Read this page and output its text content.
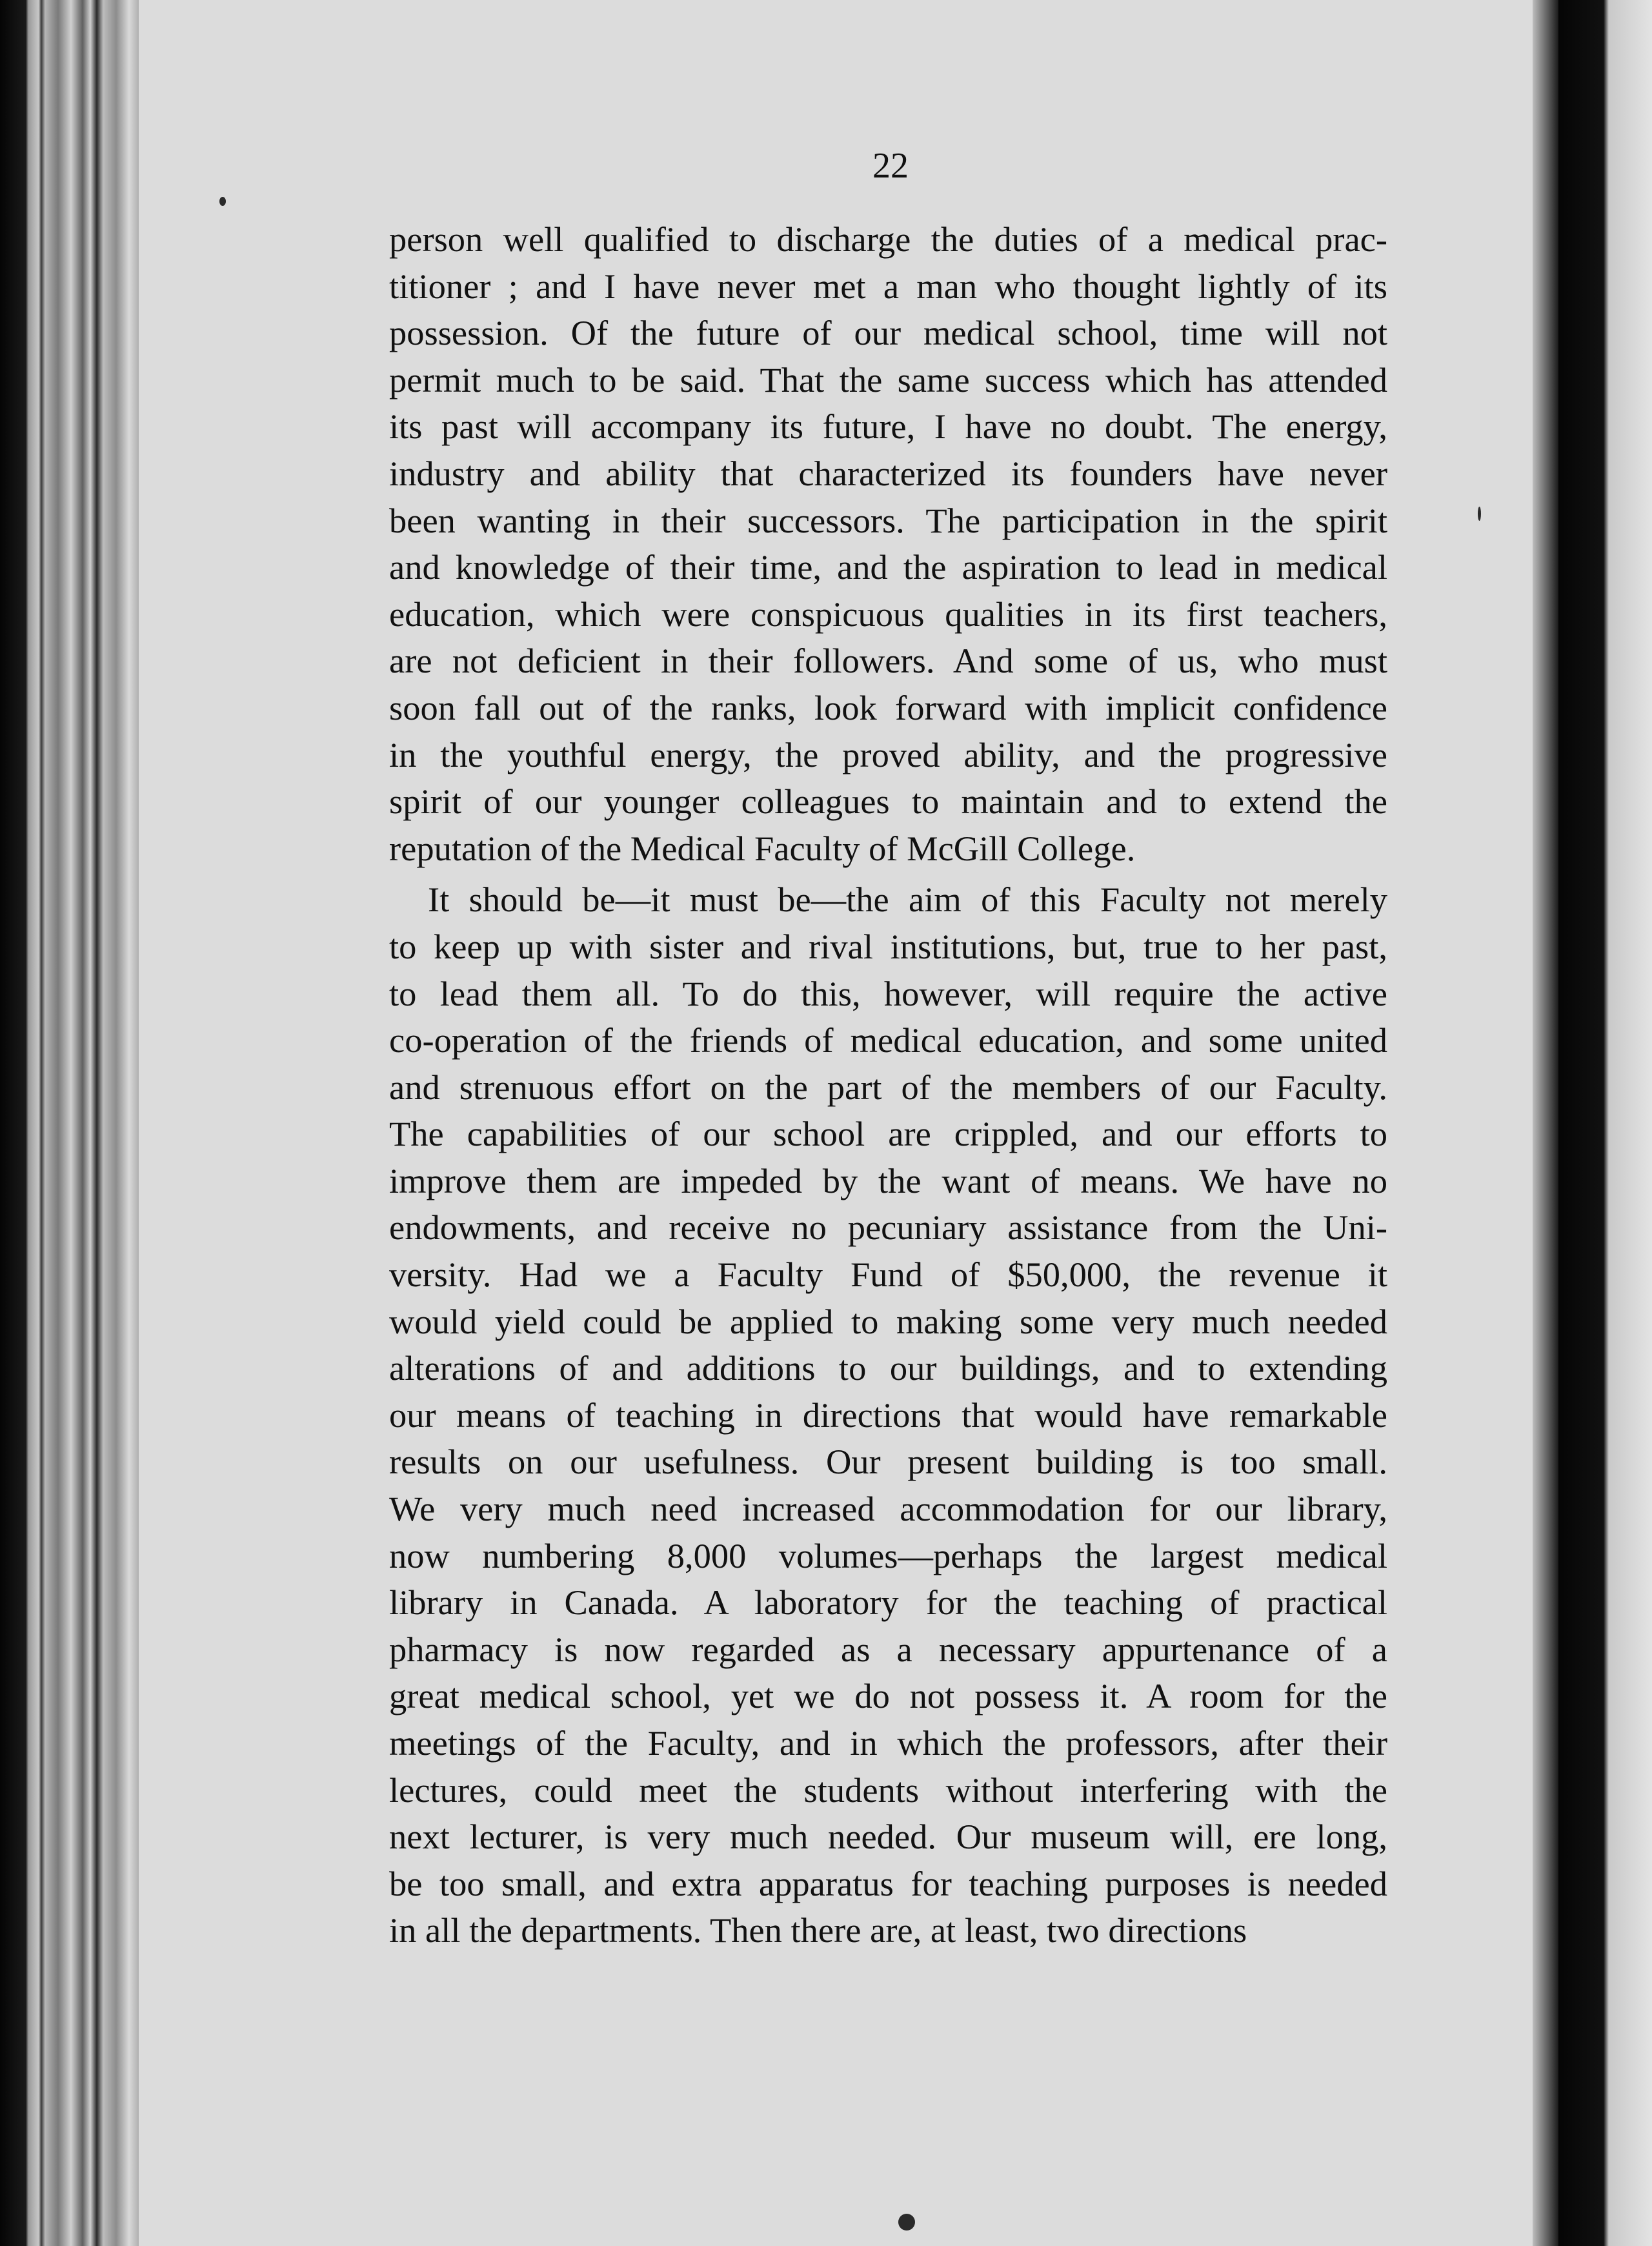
22
person well qualified to discharge the duties of a medical prac-
titioner ; and I have never met a man who thought lightly of its
possession. Of the future of our medical school, time will not
permit much to be said. That the same success which has attended
its past will accompany its future, I have no doubt. The energy,
industry and ability that characterized its founders have never
been wanting in their successors. The participation in the spirit
and knowledge of their time, and the aspiration to lead in medical
education, which were conspicuous qualities in its first teachers,
are not deficient in their followers. And some of us, who must
soon fall out of the ranks, look forward with implicit confidence
in the youthful energy, the proved ability, and the progressive
spirit of our younger colleagues to maintain and to extend the
reputation of the Medical Faculty of McGill College.
It should be—it must be—the aim of this Faculty not merely
to keep up with sister and rival institutions, but, true to her past,
to lead them all. To do this, however, will require the active
co-operation of the friends of medical education, and some united
and strenuous effort on the part of the members of our Faculty.
The capabilities of our school are crippled, and our efforts to
improve them are impeded by the want of means. We have no
endowments, and receive no pecuniary assistance from the Uni-
versity. Had we a Faculty Fund of $50,000, the revenue it
would yield could be applied to making some very much needed
alterations of and additions to our buildings, and to extending
our means of teaching in directions that would have remarkable
results on our usefulness. Our present building is too small.
We very much need increased accommodation for our library,
now numbering 8,000 volumes—perhaps the largest medical
library in Canada. A laboratory for the teaching of practical
pharmacy is now regarded as a necessary appurtenance of a
great medical school, yet we do not possess it. A room for the
meetings of the Faculty, and in which the professors, after their
lectures, could meet the students without interfering with the
next lecturer, is very much needed. Our museum will, ere long,
be too small, and extra apparatus for teaching purposes is needed
in all the departments. Then there are, at least, two directions
